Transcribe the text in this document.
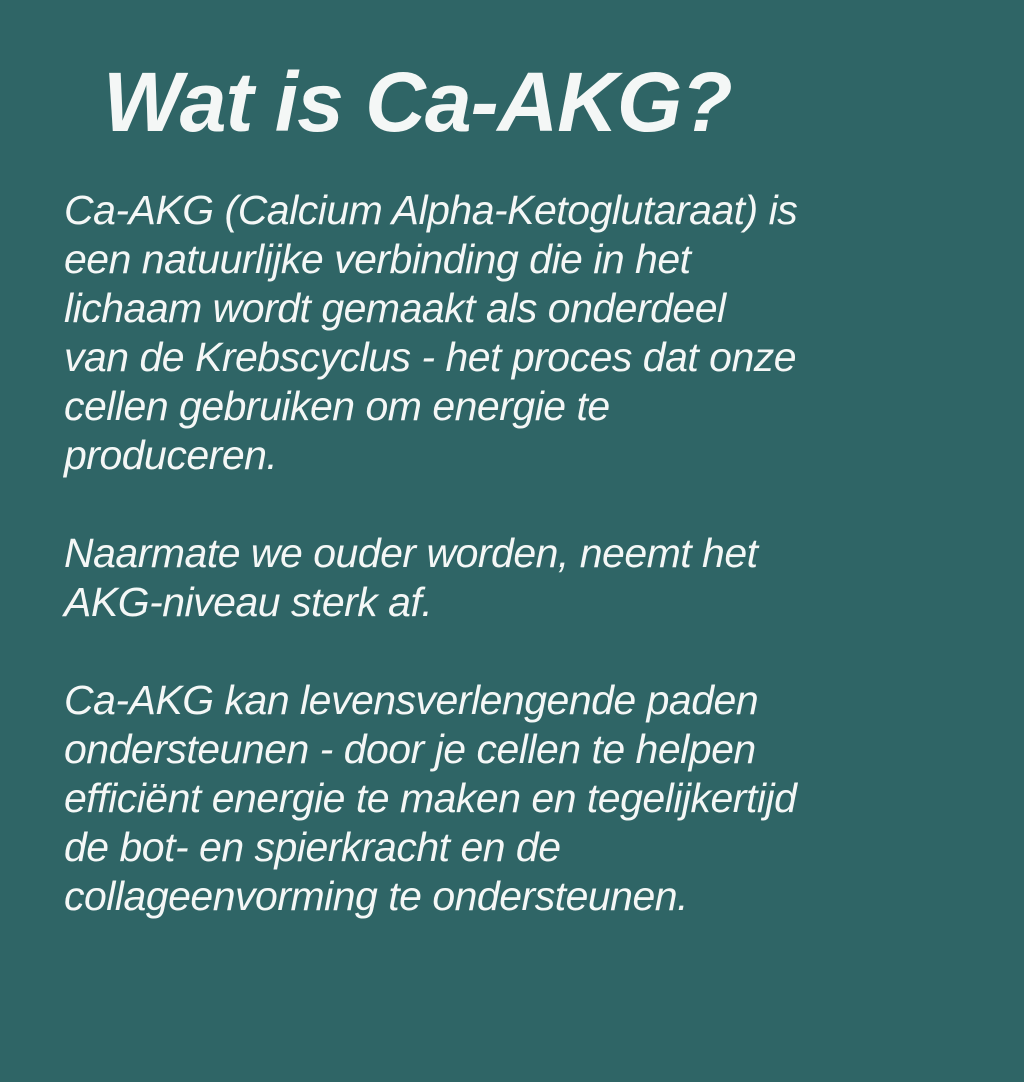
Wat is Ca-AKG?
Ca-AKG (Calcium Alpha-Ketoglutaraat) is
een natuurlijke verbinding die in het
lichaam wordt gemaakt als onderdeel
van de Krebscyclus - het proces dat onze
cellen gebruiken om energie te
produceren.
Naarmate we ouder worden, neemt het
AKG-niveau sterk af.
Ca-AKG kan levensverlengende paden
ondersteunen - door je cellen te helpen
efficiënt energie te maken en tegelijkertijd
de bot- en spierkracht en de
collageenvorming te ondersteunen.
